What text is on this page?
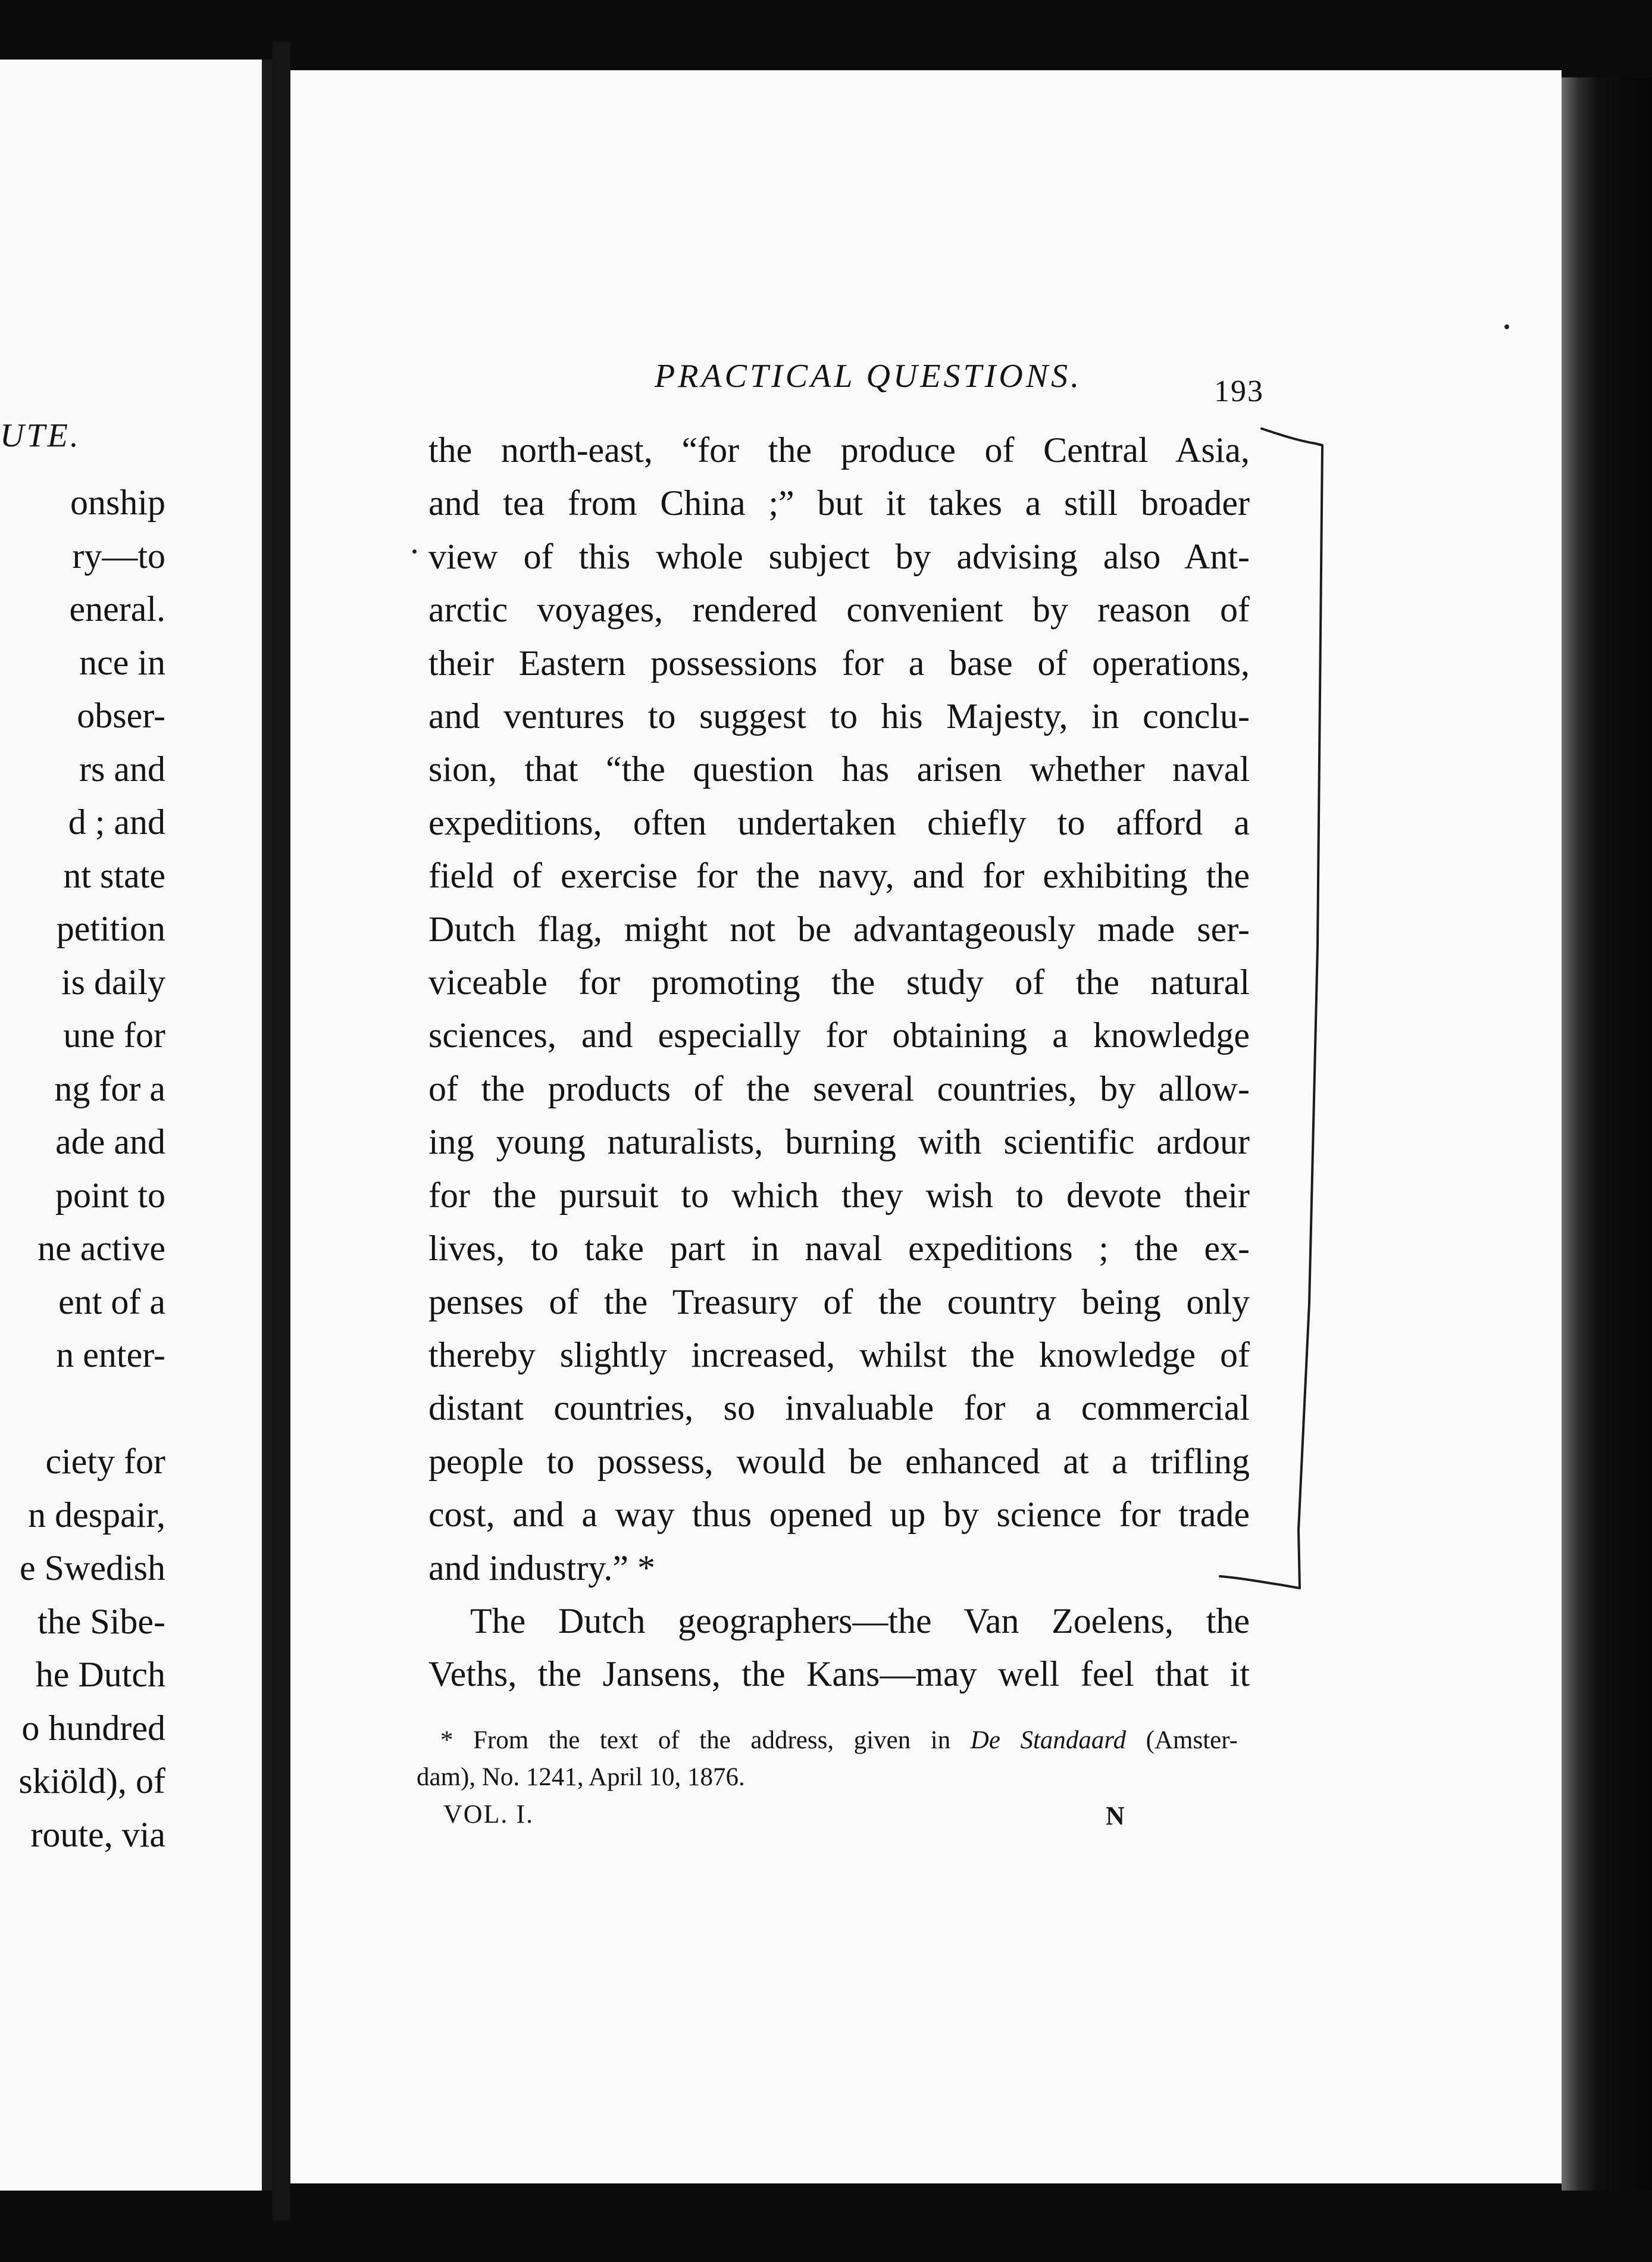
UTE.
onship
ry—to
eneral.
nce in
obser-
rs and
d ; and
nt state
petition
is daily
une for
ng for a
ade and
point to
ne active
ent of a
n enter-

ciety for
n despair,
e Swedish
the Sibe-
he Dutch
o hundred
skiöld), of
route, via
PRACTICAL QUESTIONS.	193
the north-east, “for the produce of Central Asia,
and tea from China ;” but it takes a still broader
view of this whole subject by advising also Ant-
arctic voyages, rendered convenient by reason of
their Eastern possessions for a base of operations,
and ventures to suggest to his Majesty, in conclu-
sion, that “the question has arisen whether naval
expeditions, often undertaken chiefly to afford a
field of exercise for the navy, and for exhibiting the
Dutch flag, might not be advantageously made ser-
viceable for promoting the study of the natural
sciences, and especially for obtaining a knowledge
of the products of the several countries, by allow-
ing young naturalists, burning with scientific ardour
for the pursuit to which they wish to devote their
lives, to take part in naval expeditions ; the ex-
penses of the Treasury of the country being only
thereby slightly increased, whilst the knowledge of
distant countries, so invaluable for a commercial
people to possess, would be enhanced at a trifling
cost, and a way thus opened up by science for trade
and industry.” *
The Dutch geographers—the Van Zoelens, the
Veths, the Jansens, the Kans—may well feel that it
* From the text of the address, given in De Standaard (Amster-
dam), No. 1241, April 10, 1876.
VOL. I.	N
